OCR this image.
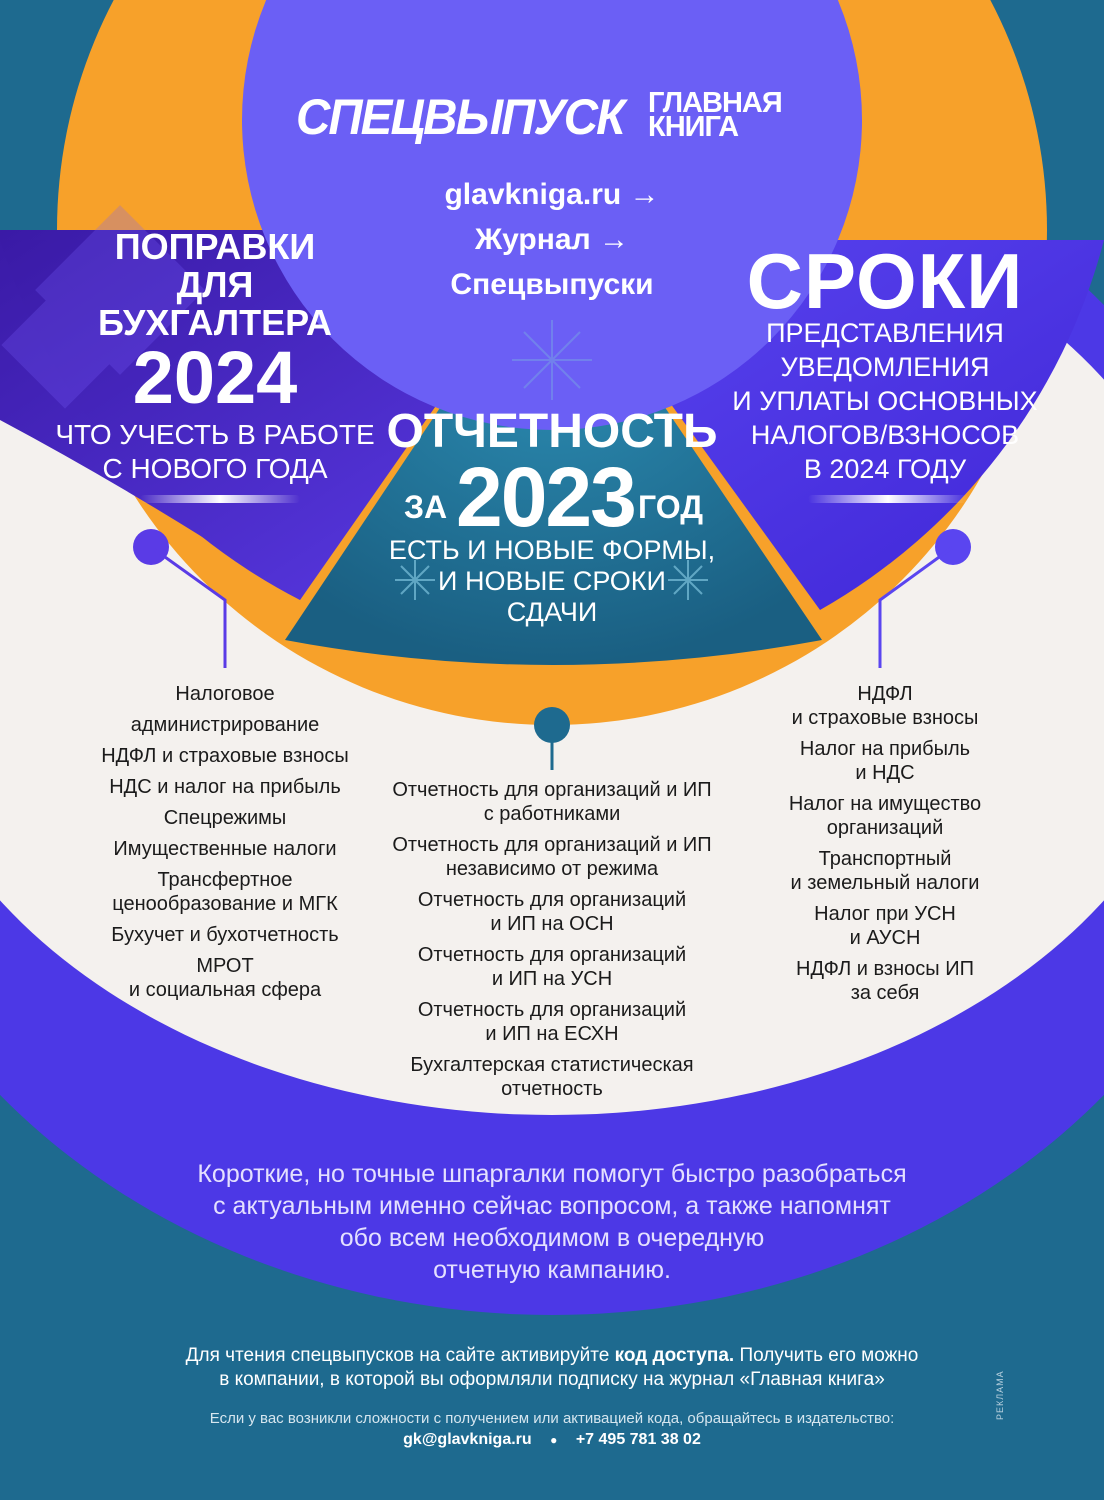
СПЕЦВЫПУСК ГЛАВНАЯ
КНИГА
glavkniga.ru →
Журнал →
Спецвыпуски
ПОПРАВКИ
ДЛЯ
БУХГАЛТЕРА
2024
ЧТО УЧЕСТЬ В РАБОТЕ
С НОВОГО ГОДА
ОТЧЕТНОСТЬ
ЗА 2023 ГОД
ЕСТЬ И НОВЫЕ ФОРМЫ,
И НОВЫЕ СРОКИ
СДАЧИ
СРОКИ
ПРЕДСТАВЛЕНИЯ
УВЕДОМЛЕНИЯ
И УПЛАТЫ ОСНОВНЫХ
НАЛОГОВ/ВЗНОСОВ
В 2024 ГОДУ
Налоговое
администрирование
НДФЛ и страховые взносы
НДС и налог на прибыль
Спецрежимы
Имущественные налоги
Трансфертное
ценообразование и МГК
Бухучет и бухотчетность
МРОТ
и социальная сфера
Отчетность для организаций и ИП
с работниками
Отчетность для организаций и ИП
независимо от режима
Отчетность для организаций
и ИП на ОСН
Отчетность для организаций
и ИП на УСН
Отчетность для организаций
и ИП на ЕСХН
Бухгалтерская статистическая
отчетность
НДФЛ
и страховые взносы
Налог на прибыль
и НДС
Налог на имущество
организаций
Транспортный
и земельный налоги
Налог при УСН
и АУСН
НДФЛ и взносы ИП
за себя
Короткие, но точные шпаргалки помогут быстро разобраться
с актуальным именно сейчас вопросом, а также напомнят
обо всем необходимом в очередную
отчетную кампанию.
Для чтения спецвыпусков на сайте активируйте код доступа. Получить его можно
в компании, в которой вы оформляли подписку на журнал «Главная книга»
Если у вас возникли сложности с получением или активацией кода, обращайтесь в издательство:
gk@glavkniga.ru ● +7 495 781 38 02
РЕКЛАМА
